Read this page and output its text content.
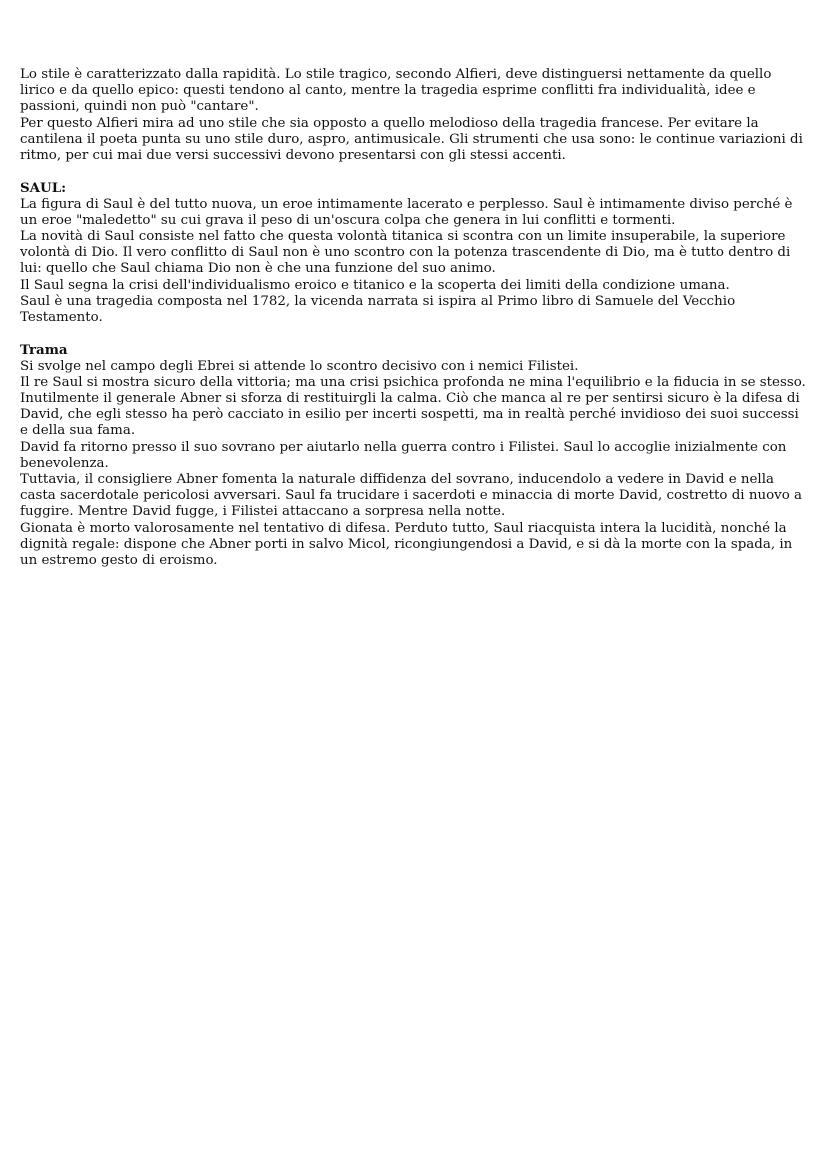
Lo stile è caratterizzato dalla rapidità. Lo stile tragico, secondo Alfieri, deve distinguersi nettamente da quello lirico e da quello epico: questi tendono al canto, mentre la tragedia esprime conflitti fra individualità, idee e passioni, quindi non può "cantare".

Per questo Alfieri mira ad uno stile che sia opposto a quello melodioso della tragedia francese. Per evitare la cantilena il poeta punta su uno stile duro, aspro, antimusicale. Gli strumenti che usa sono: le continue variazioni di ritmo, per cui mai due versi successivi devono presentarsi con gli stessi accenti.

SAUL:

La figura di Saul è del tutto nuova, un eroe intimamente lacerato e perplesso. Saul è intimamente diviso perché è un eroe "maledetto" su cui grava il peso di un'oscura colpa che genera in lui conflitti e tormenti.

La novità di Saul consiste nel fatto che questa volontà titanica si scontra con un limite insuperabile, la superiore volontà di Dio. Il vero conflitto di Saul non è uno scontro con la potenza trascendente di Dio, ma è tutto dentro di lui: quello che Saul chiama Dio non è che una funzione del suo animo.

Il Saul segna la crisi dell'individualismo eroico e titanico e la scoperta dei limiti della condizione umana.

Saul è una tragedia composta nel 1782, la vicenda narrata si ispira al Primo libro di Samuele del Vecchio Testamento.

Trama

Si svolge nel campo degli Ebrei si attende lo scontro decisivo con i nemici Filistei.

Il re Saul si mostra sicuro della vittoria; ma una crisi psichica profonda ne mina l'equilibrio e la fiducia in se stesso.

Inutilmente il generale Abner si sforza di restituirgli la calma. Ciò che manca al re per sentirsi sicuro è la difesa di David, che egli stesso ha però cacciato in esilio per incerti sospetti, ma in realtà perché invidioso dei suoi successi e della sua fama.

David fa ritorno presso il suo sovrano per aiutarlo nella guerra contro i Filistei. Saul lo accoglie inizialmente con benevolenza.

Tuttavia, il consigliere Abner fomenta la naturale diffidenza del sovrano, inducendolo a vedere in David e nella casta sacerdotale pericolosi avversari. Saul fa trucidare i sacerdoti e minaccia di morte David, costretto di nuovo a fuggire. Mentre David fugge, i Filistei attaccano a sorpresa nella notte.

Gionata è morto valorosamente nel tentativo di difesa. Perduto tutto, Saul riacquista intera la lucidità, nonché la dignità regale: dispone che Abner porti in salvo Micol, ricongiungendosi a David, e si dà la morte con la spada, in un estremo gesto di eroismo.
